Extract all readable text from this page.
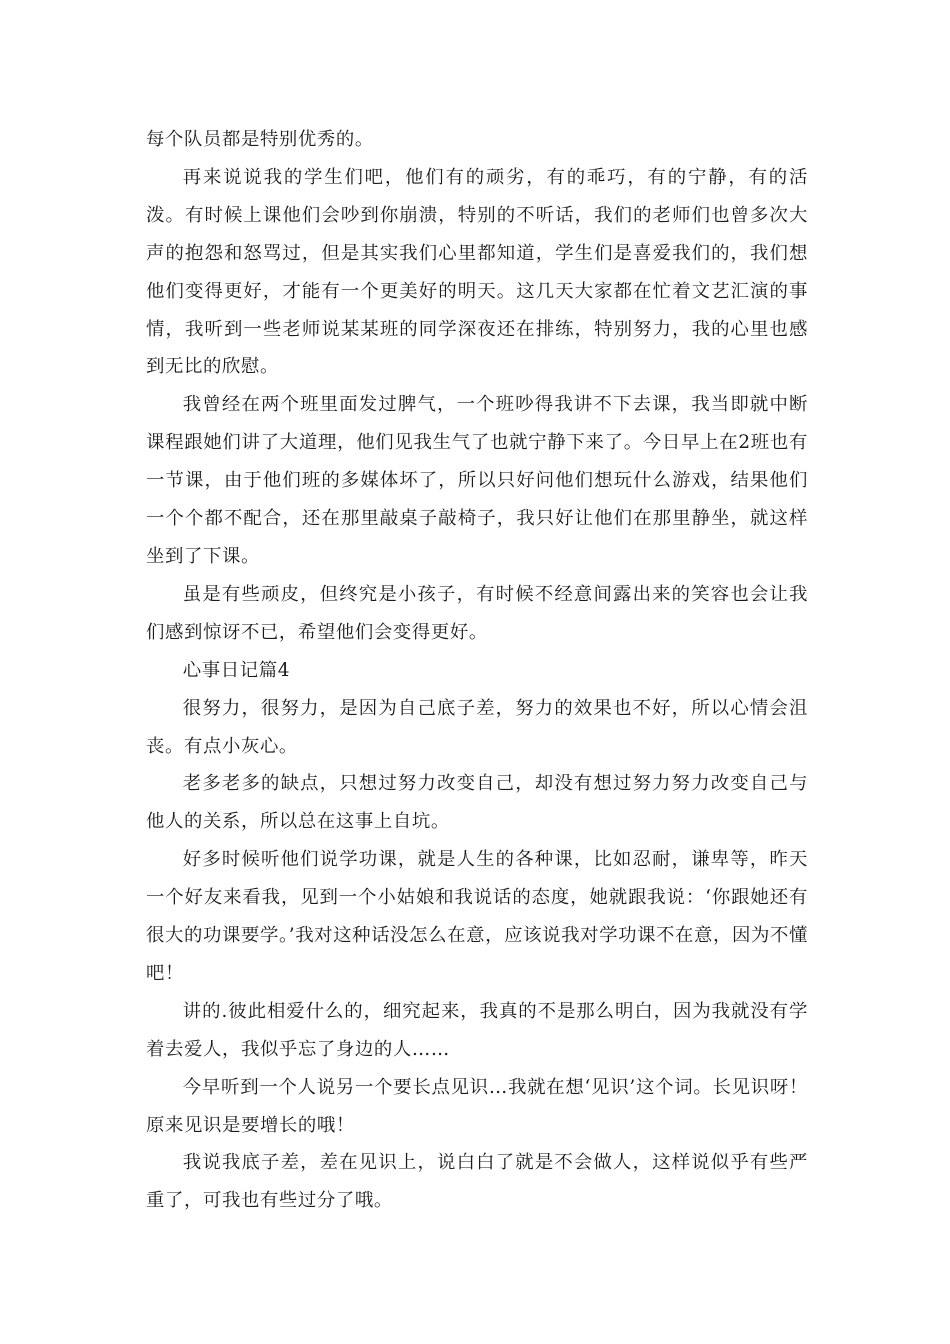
每个队员都是特别优秀的。

再来说说我的学生们吧，他们有的顽劣，有的乖巧，有的宁静，有的活泼。有时候上课他们会吵到你崩溃，特别的不听话，我们的老师们也曾多次大声的抱怨和怒骂过，但是其实我们心里都知道，学生们是喜爱我们的，我们想他们变得更好，才能有一个更美好的明天。这几天大家都在忙着文艺汇演的事情，我听到一些老师说某某班的同学深夜还在排练，特别努力，我的心里也感到无比的欣慰。

我曾经在两个班里面发过脾气，一个班吵得我讲不下去课，我当即就中断课程跟她们讲了大道理，他们见我生气了也就宁静下来了。今日早上在2班也有一节课，由于他们班的多媒体坏了，所以只好问他们想玩什么游戏，结果他们一个个都不配合，还在那里敲桌子敲椅子，我只好让他们在那里静坐，就这样坐到了下课。

虽是有些顽皮，但终究是小孩子，有时候不经意间露出来的笑容也会让我们感到惊讶不已，希望他们会变得更好。

心事日记篇4

很努力，很努力，是因为自己底子差，努力的效果也不好，所以心情会沮丧。有点小灰心。

老多老多的缺点，只想过努力改变自己，却没有想过努力努力改变自己与他人的关系，所以总在这事上自坑。

好多时候听他们说学功课，就是人生的各种课，比如忍耐，谦卑等，昨天一个好友来看我，见到一个小姑娘和我说话的态度，她就跟我说：‘你跟她还有很大的功课要学。’我对这种话没怎么在意，应该说我对学功课不在意，因为不懂吧！

讲的.彼此相爱什么的，细究起来，我真的不是那么明白，因为我就没有学着去爱人，我似乎忘了身边的人……

今早听到一个人说另一个要长点见识…我就在想‘见识’这个词。长见识呀！原来见识是要增长的哦！

我说我底子差，差在见识上，说白白了就是不会做人，这样说似乎有些严重了，可我也有些过分了哦。
